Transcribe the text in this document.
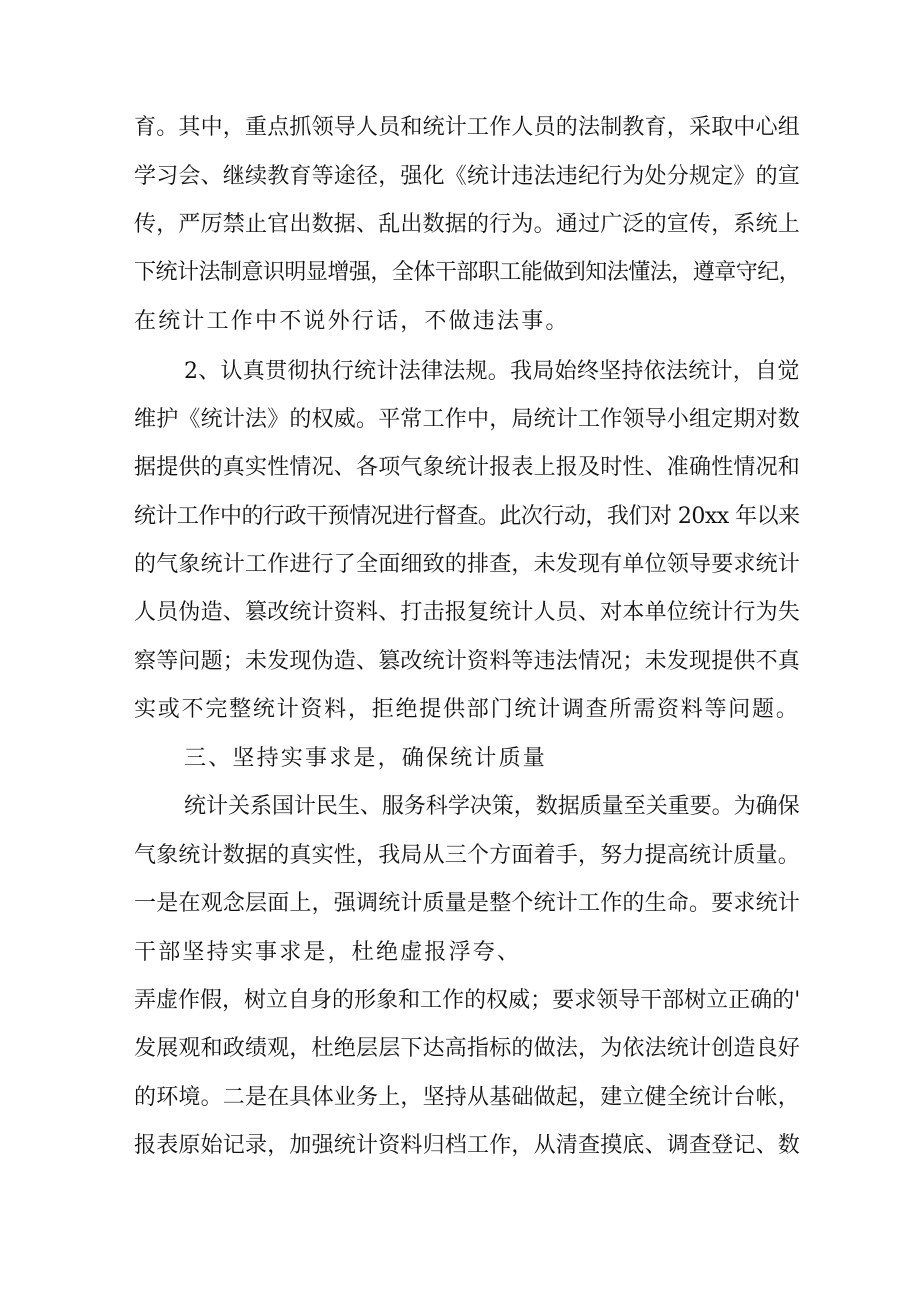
育。其中，重点抓领导人员和统计工作人员的法制教育，采取中心组
学习会、继续教育等途径，强化《统计违法违纪行为处分规定》的宣
传，严厉禁止官出数据、乱出数据的行为。通过广泛的宣传，系统上
下统计法制意识明显增强，全体干部职工能做到知法懂法，遵章守纪，
在统计工作中不说外行话，不做违法事。
2、认真贯彻执行统计法律法规。我局始终坚持依法统计，自觉
维护《统计法》的权威。平常工作中，局统计工作领导小组定期对数
据提供的真实性情况、各项气象统计报表上报及时性、准确性情况和
统计工作中的行政干预情况进行督查。此次行动，我们对 20xx 年以来
的气象统计工作进行了全面细致的排查，未发现有单位领导要求统计
人员伪造、篡改统计资料、打击报复统计人员、对本单位统计行为失
察等问题；未发现伪造、篡改统计资料等违法情况；未发现提供不真
实或不完整统计资料，拒绝提供部门统计调查所需资料等问题。
三、坚持实事求是，确保统计质量
统计关系国计民生、服务科学决策，数据质量至关重要。为确保
气象统计数据的真实性，我局从三个方面着手，努力提高统计质量。
一是在观念层面上，强调统计质量是整个统计工作的生命。要求统计
干部坚持实事求是，杜绝虚报浮夸、
弄虚作假，树立自身的形象和工作的权威；要求领导干部树立正确的'
发展观和政绩观，杜绝层层下达高指标的做法，为依法统计创造良好
的环境。二是在具体业务上，坚持从基础做起，建立健全统计台帐，
报表原始记录，加强统计资料归档工作，从清查摸底、调查登记、数
